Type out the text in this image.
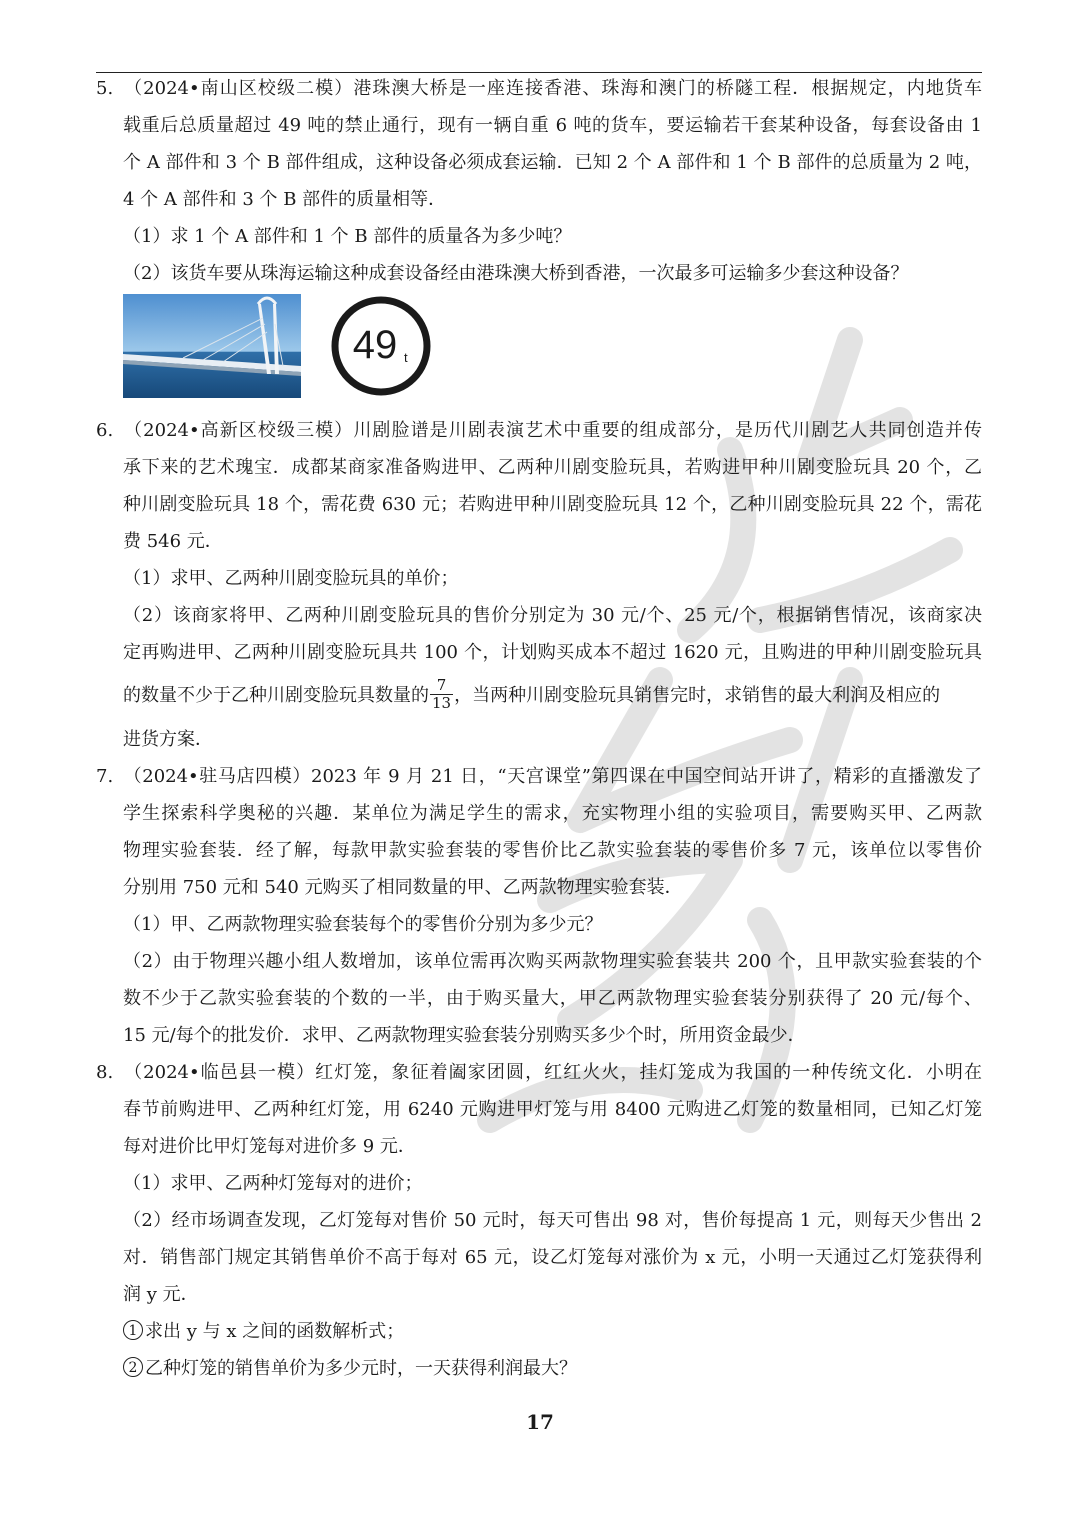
5. （2024•南山区校级二模）港珠澳大桥是一座连接香港、珠海和澳门的桥隧工程．根据规定，内地货车
载重后总质量超过 49 吨的禁止通行，现有一辆自重 6 吨的货车，要运输若干套某种设备，每套设备由 1
个 A 部件和 3 个 B 部件组成，这种设备必须成套运输．已知 2 个 A 部件和 1 个 B 部件的总质量为 2 吨，
4 个 A 部件和 3 个 B 部件的质量相等．
（1）求 1 个 A 部件和 1 个 B 部件的质量各为多少吨？
（2）该货车要从珠海运输这种成套设备经由港珠澳大桥到香港，一次最多可运输多少套这种设备？
49 t
6. （2024•高新区校级三模）川剧脸谱是川剧表演艺术中重要的组成部分，是历代川剧艺人共同创造并传
承下来的艺术瑰宝．成都某商家准备购进甲、乙两种川剧变脸玩具，若购进甲种川剧变脸玩具 20 个，乙
种川剧变脸玩具 18 个，需花费 630 元；若购进甲种川剧变脸玩具 12 个，乙种川剧变脸玩具 22 个，需花
费 546 元．
（1）求甲、乙两种川剧变脸玩具的单价；
（2）该商家将甲、乙两种川剧变脸玩具的售价分别定为 30 元/个、25 元/个，根据销售情况，该商家决
定再购进甲、乙两种川剧变脸玩具共 100 个，计划购买成本不超过 1620 元，且购进的甲种川剧变脸玩具
的数量不少于乙种川剧变脸玩具数量的 $\frac{7}{13}$ ，当两种川剧变脸玩具销售完时，求销售的最大利润及相应的
进货方案．
7. （2024•驻马店四模）2023 年 9 月 21 日，“天宫课堂”第四课在中国空间站开讲了，精彩的直播激发了
学生探索科学奥秘的兴趣．某单位为满足学生的需求，充实物理小组的实验项目，需要购买甲、乙两款
物理实验套装．经了解，每款甲款实验套装的零售价比乙款实验套装的零售价多 7 元，该单位以零售价
分别用 750 元和 540 元购买了相同数量的甲、乙两款物理实验套装．
（1）甲、乙两款物理实验套装每个的零售价分别为多少元？
（2）由于物理兴趣小组人数增加，该单位需再次购买两款物理实验套装共 200 个，且甲款实验套装的个
数不少于乙款实验套装的个数的一半，由于购买量大，甲乙两款物理实验套装分别获得了 20 元/每个、
15 元/每个的批发价．求甲、乙两款物理实验套装分别购买多少个时，所用资金最少．
8. （2024•临邑县一模）红灯笼，象征着阖家团圆，红红火火，挂灯笼成为我国的一种传统文化．小明在
春节前购进甲、乙两种红灯笼，用 6240 元购进甲灯笼与用 8400 元购进乙灯笼的数量相同，已知乙灯笼
每对进价比甲灯笼每对进价多 9 元．
（1）求甲、乙两种灯笼每对的进价；
（2）经市场调查发现，乙灯笼每对售价 50 元时，每天可售出 98 对，售价每提高 1 元，则每天少售出 2
对．销售部门规定其销售单价不高于每对 65 元，设乙灯笼每对涨价为 x 元，小明一天通过乙灯笼获得利
润 y 元．
1 求出 y 与 x 之间的函数解析式；
2 乙种灯笼的销售单价为多少元时，一天获得利润最大？
17
